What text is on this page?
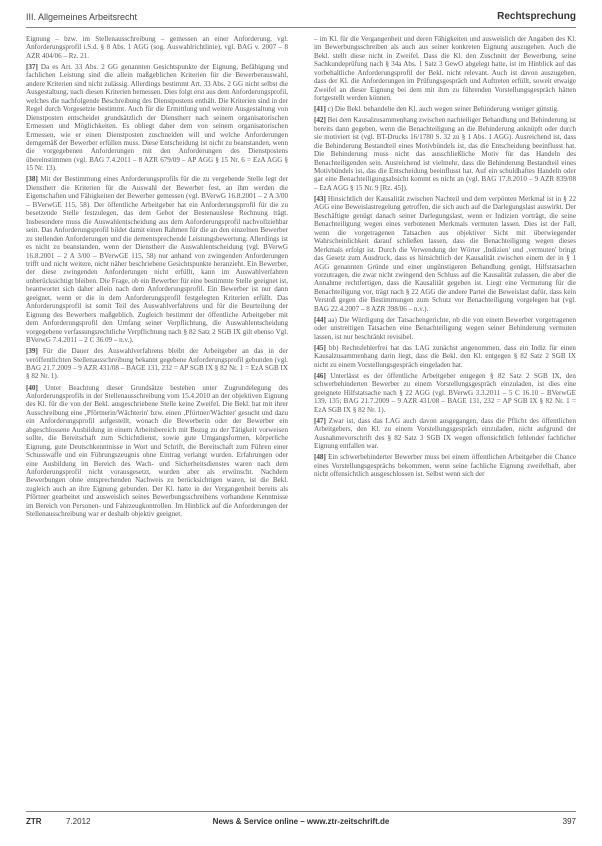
III. Allgemeines Arbeitsrecht	Rechtsprechung

Eignung – bzw. im Stellenausschreibung – gemessen an einer Anforderung, vgl. Anforderungsprofil i.S.d. § 8 Abs. 1 AGG (sog. Auswahlrichtlinie), vgl. BAG v. 2007 – 8 AZR 404/06 – Rz. 21.

[37] Da es Art. 33 Abs. 2 GG genannten Gesichtspunkte der Eignung, Befähigung und fachlichen Leistung sind die allein maßgeblichen Kriterien für die Bewerberauswahl, andere Kriterien sind nicht zulässig. Allerdings bestimmt Art. 33 Abs. 2 GG nicht selbst die Ausgestaltung, nach diesen Kriterien bemessen. Dies folgt erst aus dem Anforderungsprofil, welches die nachfolgende Beschreibung des Dienstpostens enthält. Die Kriterien sind in der Regel durch Vorgesetzte bestimmt. Auch für die Ermittlung und weitere Ausgestaltung von Dienstposten entscheidet grundsätzlich der Dienstherr nach seinem organisatorischen Ermessen und Möglichkeiten. Es obliegt daher dem von seinem organisatorischen Ermessen, wie er einen Dienstposten zuschneiden will und welche Anforderungen demgemäß der Bewerber erfüllen muss. Diese Entscheidung ist nicht zu beanstanden, wenn die vorgegebenen Anforderungen mit den Anforderungen des Dienstpostens übereinstimmen (vgl. BAG 7.4.2011 – 8 AZR 679/09 – AP AGG § 15 Nr. 6 = EzA AGG § 15 Nr. 13).

[38] Mit der Bestimmung eines Anforderungsprofils für die zu vergebende Stelle legt der Dienstherr die Kriterien für die Auswahl der Bewerber fest, an ihm werden die Eigenschaften und Fähigkeiten der Bewerber gemessen (vgl. BVerwG 16.8.2001 – 2 A 3/00 – BVerwGE 115, 58). Der öffentliche Arbeitgeber hat ein Anforderungsprofil für die zu besetzende Stelle festzulegen, das dem Gebot der Bestenauslese Rechnung trägt. Insbesondere muss die Auswahlentscheidung aus dem Anforderungsprofil nachvollziehbar sein. Das Anforderungsprofil bildet damit einen Rahmen für die an den einzelnen Bewerber zu stellenden Anforderungen und die dementsprechende Leistungsbewertung. Allerdings ist es nicht zu beanstanden, wenn der Dienstherr die Auswahlentscheidung (vgl. BVerwG 16.8.2001 – 2 A 3/00 – BVerwGE 115, 58) nur anhand von zwingenden Anforderungen trifft und nicht weitere, nicht näher beschriebene Gesichtspunkte heranzieht. Ein Bewerber, der diese zwingenden Anforderungen nicht erfüllt, kann im Auswahlverfahren unberücksichtigt bleiben. Die Frage, ob ein Bewerber für eine bestimmte Stelle geeignet ist, beantwortet sich daher allein nach dem Anforderungsprofil. Ein Bewerber ist nur dann geeignet, wenn er die in dem Anforderungsprofil festgelegten Kriterien erfüllt. Das Anforderungsprofil ist somit Teil des Auswahlverfahrens und für die Beurteilung der Eignung des Bewerbers maßgeblich. Zugleich bestimmt der öffentliche Arbeitgeber mit dem Anforderungsprofil den Umfang seiner Verpflichtung, die Auswahlentscheidung vorgegebene verfassungsrechtliche Verpflichtung nach § 82 Satz 2 SGB IX gilt ebenso Vgl. BVerwG 7.4.2011 – 2 C 36.09 – n.v.).

[39] Für die Dauer des Auswahlverfahrens bleibt der Arbeitgeber an das in der veröffentlichten Stellenausschreibung bekannt gegebene Anforderungsprofil gebunden (vgl. BAG 21.7.2009 – 9 AZR 431/08 – BAGE 131, 232 = AP SGB IX § 82 Nr. 1 = EzA SGB IX § 82 Nr. 1).

[40] Unter Beachtung dieser Grundsätze bestehen unter Zugrundelegung des Anforderungsprofils in der Stellenausschreibung vom 15.4.2010 an der objektiven Eignung des Kl. für die von der Bekl. ausgeschriebene Stelle keine Zweifel. Die Bekl. hat mit ihrer Ausschreibung eine ‚Pförtnerin/Wächterin' bzw. einen ‚Pförtner/Wächter' gesucht und dazu ein Anforderungsprofil aufgestellt, wonach die Bewerberin oder der Bewerber ein abgeschlossene Ausbildung in einem Arbeitsbereich mit Bezug zu der Tätigkeit vorweisen sollte, die Bereitschaft zum Schichtdienst, sowie gute Umgangsformen, körperliche Eignung, gute Deutschkenntnisse in Wort und Schrift, die Bereitschaft zum Führen einer Schusswaffe und ein Führungszeugnis ohne Eintrag verlangt wurden. Erfahrungen oder eine Ausbildung im Bereich des Wach- und Sicherheitsdienstes waren nach dem Anforderungsprofil nicht vorausgesetzt, wurden aber als erwünscht. Nachdem Bewerbungen ohne entsprechenden Nachweis zu berücksichtigen waren, ist die Bekl. zugleich auch an ihre Eignung gebunden. Der Kl. hatte in der Vergangenheit bereits als Pförtner gearbeitet und ausweislich seines Bewerbungsschreibens vorhandene Kenntnisse im Bereich von Personen- und Fahrzeugkontrollen. Im Hinblick auf die Anforderungen der Stellenausschreibung war er deshalb objektiv geeignet.

– im Kl. für die Vergangenheit und deren Fähigkeiten und ausweislich der Angaben des Kl. im Bewerbungsschreiben als auch aus seiner konkreten Eignung auszugehen. Auch die Bekl. stellt diese nicht in Zweifel. Dass die Kl. den Zuschnitt der Bewerbung, seine Sachkundeprüfung nach § 34a Abs. 1 Satz 3 GewO abgelegt hatte, ist im Hinblick auf das vorbehaltliche Anforderungsprofil der Bekl. nicht relevant. Auch ist davon auszugehen, dass der Kl. die Anforderungen im Prüfungsgespräch und Auftreten erfüllt, soweit etwaige Zweifel an dieser Eignung bei dem mit ihm zu führenden Vorstellungsgespräch hätten fortgestellt werden können.

[41] c) Die Bekl. behandelte den Kl. auch wegen seiner Behinderung weniger günstig.

[42] Bei dem Kausalzusammenhang zwischen nachteiliger Behandlung und Behinderung ist bereits dann gegeben, wenn die Benachteiligung an die Behinderung anknüpft oder durch sie motiviert ist (vgl. BT-Drucks 16/1780 S. 32 zu § 1 Abs. 1 AGG). Ausreichend ist, dass die Behinderung Bestandteil eines Motivbündels ist, das die Entscheidung beeinflusst hat. Die Behinderung muss nicht das ausschließliche Motiv für das Handeln des Benachteiligenden sein. Ausreichend ist vielmehr, dass die Behinderung Bestandteil eines Motivbündels ist, das die Entscheidung beeinflusst hat. Auf ein schuldhaftes Handeln oder gar eine Benachteiligungsabsicht kommt es nicht an (vgl. BAG 17.8.2010 – 9 AZR 839/08 – EzA AGG § 15 Nr. 9 [Rz. 45]).

[43] Hinsichtlich der Kausalität zwischen Nachteil und dem verpönten Merkmal ist in § 22 AGG eine Beweislastregelung getroffen, die sich auch auf die Darlegungslast auswirkt. Der Beschäftigte genügt danach seiner Darlegungslast, wenn er Indizien vorträgt, die seine Benachteiligung wegen eines verbotenen Merkmals vermuten lassen. Dies ist der Fall, wenn die vorgetragenen Tatsachen aus objektiver Sicht mit überwiegender Wahrscheinlichkeit darauf schließen lassen, dass die Benachteiligung wegen dieses Merkmals erfolgt ist. Durch die Verwendung der Wörter ‚Indizien' und ‚vermuten' bringt das Gesetz zum Ausdruck, dass es hinsichtlich der Kausalität zwischen einem der in § 1 AGG genannten Gründe und einer ungünstigeren Behandlung genügt, Hilfstatsachen vorzutragen, die zwar nicht zwingend den Schluss auf die Kausalität zulassen, die aber die Annahme rechtfertigen, dass die Kausalität gegeben ist. Liegt eine Vermutung für die Benachteiligung vor, trägt nach § 22 AGG die andere Partei die Beweislast dafür, dass kein Verstoß gegen die Bestimmungen zum Schutz vor Benachteiligung vorgelegen hat (vgl. BAG 22.4.2007 – 8 AZR 398/06 – n.v.).

[44] aa) Die Würdigung der Tatsachengerichte, ob die von einem Bewerber vorgetragenen oder unstreitigen Tatsachen eine Benachteiligung wegen seiner Behinderung vermuten lassen, ist nur beschränkt revisibel.

[45] bb) Rechtsfehlerfrei hat das LAG zunächst angenommen, dass ein Indiz für einen Kausalzusammenhang darin liegt, dass die Bekl. den Kl. entgegen § 82 Satz 2 SGB IX nicht zu einem Vorstellungsgespräch eingeladen hat.

[46] Unterlässt es der öffentliche Arbeitgeber entgegen § 82 Satz 2 SGB IX, den schwerbehinderten Bewerber zu einem Vorstellungsgespräch einzuladen, ist dies eine geeignete Hilfstatsache nach § 22 AGG (vgl. BVerwG 3.3.2011 – 5 C 16.10 – BVerwGE 139, 135; BAG 21.7.2009 – 9 AZR 431/08 – BAGE 131, 232 = AP SGB IX § 82 Nr. 1 = EzA SGB IX § 82 Nr. 1).

[47] Zwar ist, dass das LAG auch davon ausgegangen, dass die Pflicht des öffentlichen Arbeitgebers, den Kl. zu einem Vorstellungsgespräch einzuladen, nicht aufgrund der Ausnahmevorschrift des § 82 Satz 3 SGB IX wegen offensichtlich fehlender fachlicher Eignung entfallen war.

[48] Ein schwerbehinderter Bewerber muss bei einem öffentlichen Arbeitgeber die Chance eines Vorstellungsgesprächs bekommen, wenn seine fachliche Eignung zweifelhaft, aber nicht offensichtlich ausgeschlossen ist. Selbst wenn sich der

ZTR	7.2012	News & Service online – www.ztr-zeitschrift.de	397
